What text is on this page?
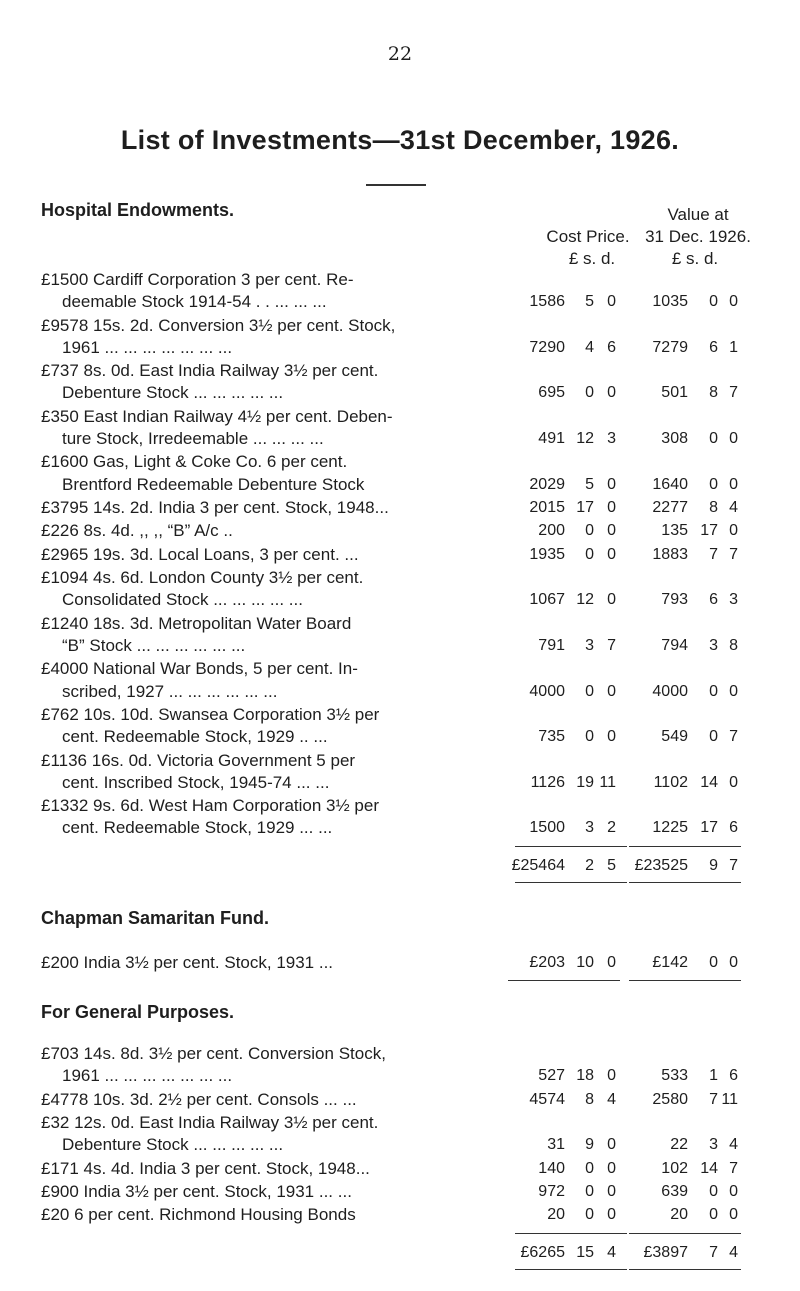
22
List of Investments—31st December, 1926.
Hospital Endowments.
Cost Price.
Value at
31 Dec. 1926.
£ s. d.	£ s. d.
£1500 Cardiff Corporation 3 per cent. Re-
deemable Stock 1914-54 . . ... ... ...	1586	5 0	1035	0 0
£9578 15s. 2d. Conversion 3½ per cent. Stock,
1961 ... ... ... ... ... ... ...	7290	4 6	7279	6 1
£737 8s. 0d. East India Railway 3½ per cent.
Debenture Stock ... ... ... ... ...	695	0 0	501	8 7
£350 East Indian Railway 4½ per cent. Deben-
ture Stock, Irredeemable ... ... ... ...	491 12 3	308	0 0
£1600 Gas, Light & Coke Co. 6 per cent.
Brentford Redeemable Debenture Stock	2029	5 0	1640	0 0
£3795 14s. 2d. India 3 per cent. Stock, 1948...	2015 17 0	2277	8 4
£226 8s. 4d. ,, ,, “B” A/c ..	200	0 0	135 17 0
£2965 19s. 3d. Local Loans, 3 per cent. ...	1935	0 0	1883	7 7
£1094 4s. 6d. London County 3½ per cent.
Consolidated Stock ... ... ... ... ...	1067 12 0	793	6 3
£1240 18s. 3d. Metropolitan Water Board
“B” Stock ... ... ... ... ... ...	791	3 7	794	3 8
£4000 National War Bonds, 5 per cent. In-
scribed, 1927 ... ... ... ... ... ...	4000	0 0	4000	0 0
£762 10s. 10d. Swansea Corporation 3½ per
cent. Redeemable Stock, 1929 .. ...	735	0 0	549	0 7
£1136 16s. 0d. Victoria Government 5 per
cent. Inscribed Stock, 1945-74 ... ...	1126 19 11	1102 14 0
£1332 9s. 6d. West Ham Corporation 3½ per
cent. Redeemable Stock, 1929 ... ...	1500	3 2	1225 17 6
£25464	2 5	£23525	9 7
Chapman Samaritan Fund.
£200 India 3½ per cent. Stock, 1931 ...	£203 10 0	£142	0 0
For General Purposes.
£703 14s. 8d. 3½ per cent. Conversion Stock,
1961 ... ... ... ... ... ... ...	527 18 0	533	1 6
£4778 10s. 3d. 2½ per cent. Consols ... ...	4574	8 4	2580	7 11
£32 12s. 0d. East India Railway 3½ per cent.
Debenture Stock ... ... ... ... ...	31	9 0	22	3 4
£171 4s. 4d. India 3 per cent. Stock, 1948...	140	0 0	102 14 7
£900 India 3½ per cent. Stock, 1931 ... ...	972	0 0	639	0 0
£20 6 per cent. Richmond Housing Bonds	20	0 0	20	0 0
£6265 15 4	£3897	7 4
